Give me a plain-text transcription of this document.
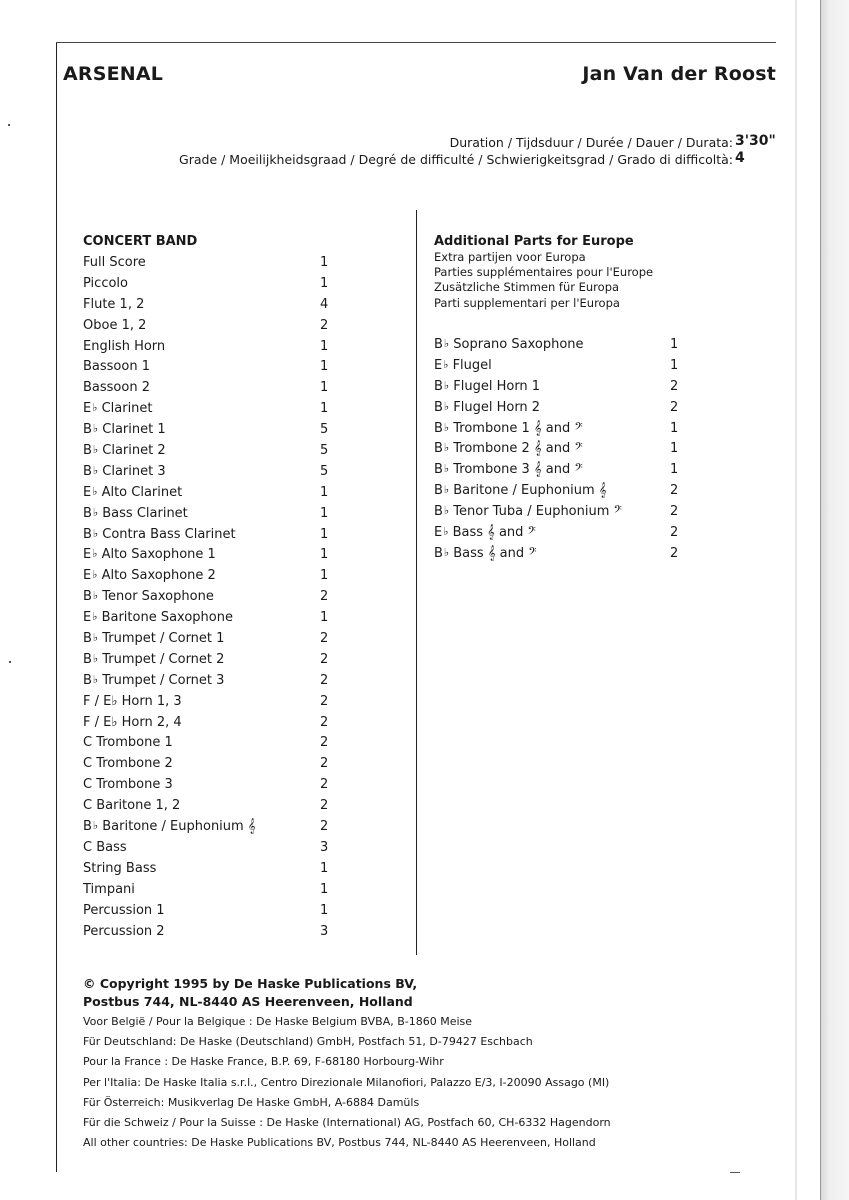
ARSENAL	Jan Van der Roost
Duration / Tijdsduur / Durée / Dauer / Durata: 3'30"
Grade / Moeilijkheidsgraad / Degré de difficulté / Schwierigkeitsgrad / Grado di difficoltà: 4
CONCERT BAND
Full Score	1
Piccolo	1
Flute 1, 2	4
Oboe 1, 2	2
English Horn	1
Bassoon 1	1
Bassoon 2	1
E♭ Clarinet	1
B♭ Clarinet 1	5
B♭ Clarinet 2	5
B♭ Clarinet 3	5
E♭ Alto Clarinet	1
B♭ Bass Clarinet	1
B♭ Contra Bass Clarinet	1
E♭ Alto Saxophone 1	1
E♭ Alto Saxophone 2	1
B♭ Tenor Saxophone	2
E♭ Baritone Saxophone	1
B♭ Trumpet / Cornet 1	2
B♭ Trumpet / Cornet 2	2
B♭ Trumpet / Cornet 3	2
F / E♭ Horn 1, 3	2
F / E♭ Horn 2, 4	2
C Trombone 1	2
C Trombone 2	2
C Trombone 3	2
C Baritone 1, 2	2
B♭ Baritone / Euphonium 𝄞	2
C Bass	3
String Bass	1
Timpani	1
Percussion 1	1
Percussion 2	3
Additional Parts for Europe
Extra partijen voor Europa
Parties supplémentaires pour l'Europe
Zusätzliche Stimmen für Europa
Parti supplementari per l'Europa
B♭ Soprano Saxophone	1
E♭ Flugel	1
B♭ Flugel Horn 1	2
B♭ Flugel Horn 2	2
B♭ Trombone 1 𝄞 and 𝄢	1
B♭ Trombone 2 𝄞 and 𝄢	1
B♭ Trombone 3 𝄞 and 𝄢	1
B♭ Baritone / Euphonium 𝄞	2
B♭ Tenor Tuba / Euphonium 𝄢	2
E♭ Bass 𝄞 and 𝄢	2
B♭ Bass 𝄞 and 𝄢	2
© Copyright 1995 by De Haske Publications BV,
Postbus 744, NL-8440 AS Heerenveen, Holland
Voor België / Pour la Belgique : De Haske Belgium BVBA, B-1860 Meise
Für Deutschland: De Haske (Deutschland) GmbH, Postfach 51, D-79427 Eschbach
Pour la France : De Haske France, B.P. 69, F-68180 Horbourg-Wihr
Per l'Italia: De Haske Italia s.r.l., Centro Direzionale Milanofiori, Palazzo E/3, I-20090 Assago (MI)
Für Österreich: Musikverlag De Haske GmbH, A-6884 Damüls
Für die Schweiz / Pour la Suisse : De Haske (International) AG, Postfach 60, CH-6332 Hagendorn
All other countries: De Haske Publications BV, Postbus 744, NL-8440 AS Heerenveen, Holland
